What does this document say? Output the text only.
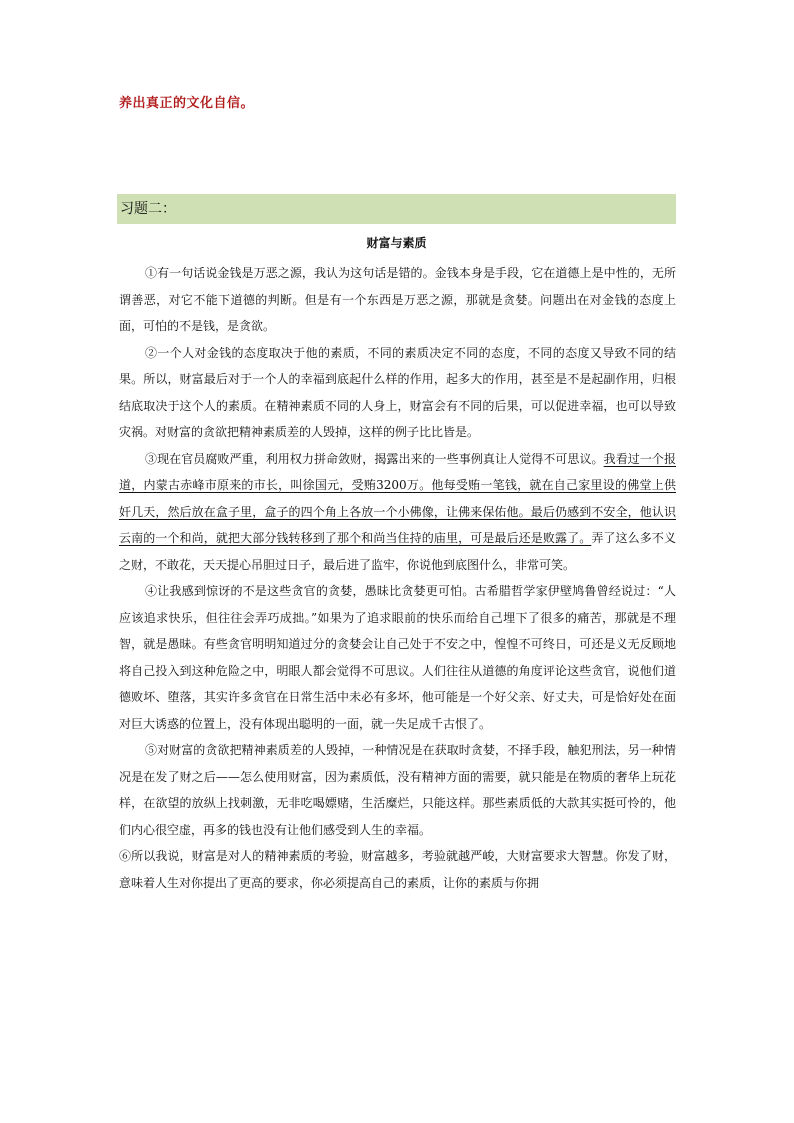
养出真正的文化自信。
习题二：
财富与素质

①有一句话说金钱是万恶之源，我认为这句话是错的。金钱本身是手段，它在道德上是中性的，无所谓善恶，对它不能下道德的判断。但是有一个东西是万恶之源，那就是贪婪。问题出在对金钱的态度上面，可怕的不是钱，是贪欲。

②一个人对金钱的态度取决于他的素质，不同的素质决定不同的态度，不同的态度又导致不同的结果。所以，财富最后对于一个人的幸福到底起什么样的作用，起多大的作用，甚至是不是起副作用，归根结底取决于这个人的素质。在精神素质不同的人身上，财富会有不同的后果，可以促进幸福，也可以导致灾祸。对财富的贪欲把精神素质差的人毁掉，这样的例子比比皆是。

③现在官员腐败严重，利用权力拼命敛财，揭露出来的一些事例真让人觉得不可思议。我看过一个报道，内蒙古赤峰市原来的市长，叫徐国元，受贿3200万。他每受贿一笔钱，就在自己家里设的佛堂上供奸几天，然后放在盒子里，盒子的四个角上各放一个小佛像，让佛来保佑他。最后仍感到不安全，他认识云南的一个和尚，就把大部分钱转移到了那个和尚当住持的庙里，可是最后还是败露了。弄了这么多不义之财，不敢花，天天提心吊胆过日子，最后进了监牢，你说他到底图什么，非常可笑。

④让我感到惊讶的不是这些贪官的贪婪，愚昧比贪婪更可怕。古希腊哲学家伊壁鸠鲁曾经说过：“人应该追求快乐，但往往会弄巧成拙。”如果为了追求眼前的快乐而给自己埋下了很多的痛苦，那就是不理智，就是愚昧。有些贪官明明知道过分的贪婪会让自己处于不安之中，惶惶不可终日，可还是义无反顾地将自己投入到这种危险之中，明眼人都会觉得不可思议。人们往往从道德的角度评论这些贪官，说他们道德败坏、堕落，其实许多贪官在日常生活中未必有多坏，他可能是一个好父亲、好丈夫，可是恰好处在面对巨大诱惑的位置上，没有体现出聪明的一面，就一失足成千古恨了。

⑤对财富的贪欲把精神素质差的人毁掉，一种情况是在获取时贪婪，不择手段，触犯刑法，另一种情况是在发了财之后——怎么使用财富，因为素质低，没有精神方面的需要，就只能是在物质的奢华上玩花样，在欲望的放纵上找刺激，无非吃喝嫖赌，生活糜烂，只能这样。那些素质低的大款其实挺可怜的，他们内心很空虚，再多的钱也没有让他们感受到人生的幸福。

⑥所以我说，财富是对人的精神素质的考验，财富越多，考验就越严峻，大财富要求大智慧。你发了财，意味着人生对你提出了更高的要求，你必须提高自己的素质，让你的素质与你拥
